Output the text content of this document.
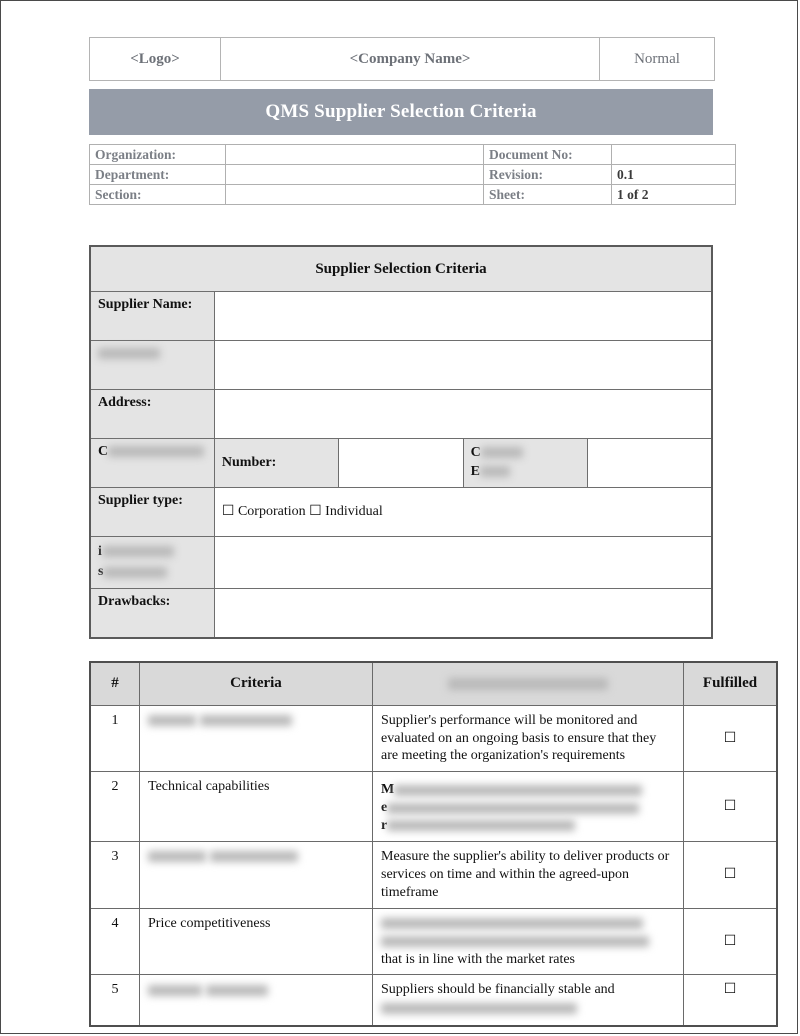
<Logo>	<Company Name>	Normal
QMS Supplier Selection Criteria
Organization:		Document No:	
Department:		Revision:	0.1
Section:		Sheet:	1 of 2
Supplier Selection Criteria				
Supplier Name:				

Address:				
C	Number:		C
E	
Supplier type:	☐ Corporation ☐ Individual			
i
s				
Drawbacks:				
#	Criteria		Fulfilled
1		Supplier's performance will be monitored and evaluated on an ongoing basis to ensure that they are meeting the organization's requirements	☐
2	Technical capabilities	M
e
r	☐
3		Measure the supplier's ability to deliver products or services on time and within the agreed-upon timeframe	☐
4	Price competitiveness	that is in line with the market rates	☐
5		Suppliers should be financially stable and	☐
